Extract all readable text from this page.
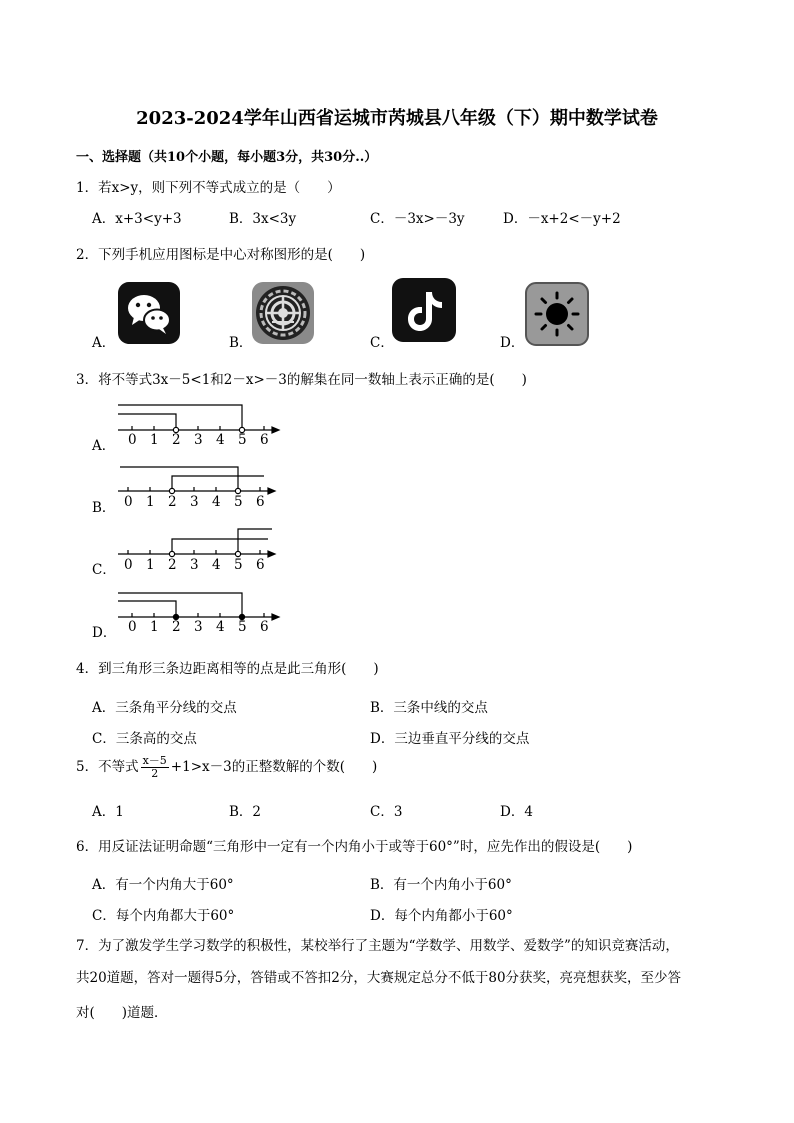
2023-2024学年山西省运城市芮城县八年级（下）期中数学试卷
一、选择题（共10个小题，每小题3分，共30分..）
1．若x>y，则下列不等式成立的是（　　）
A．x+3<y+3	B．3x<3y	C．－3x>－3y	D．－x+2<－y+2
2．下列手机应用图标是中心对称图形的是(　　)
A．	B．	C．	D．
3．将不等式3x－5<1和2－x>－3的解集在同一数轴上表示正确的是(　　)
A． 0 1 2 3 4 5 6
B． 0 1 2 3 4 5 6
C． 0 1 2 3 4 5 6
D． 0 1 2 3 4 5 6
4．到三角形三条边距离相等的点是此三角形(　　)
A．三条角平分线的交点	B．三条中线的交点
C．三条高的交点	D．三边垂直平分线的交点
5．不等式 $\frac{x-5}{2} +1>x-3$的正整数解的个数(　　)
A．1	B．2	C．3	D．4
6．用反证法证明命题“三角形中一定有一个内角小于或等于60°”时，应先作出的假设是(　　)
A．有一个内角大于60°	B．有一个内角小于60°
C．每个内角都大于60°	D．每个内角都小于60°
7．为了激发学生学习数学的积极性，某校举行了主题为“学数学、用数学、爱数学”的知识竞赛活动，
共20道题，答对一题得5分，答错或不答扣2分，大赛规定总分不低于80分获奖，亮亮想获奖，至少答
对(　　)道题．
